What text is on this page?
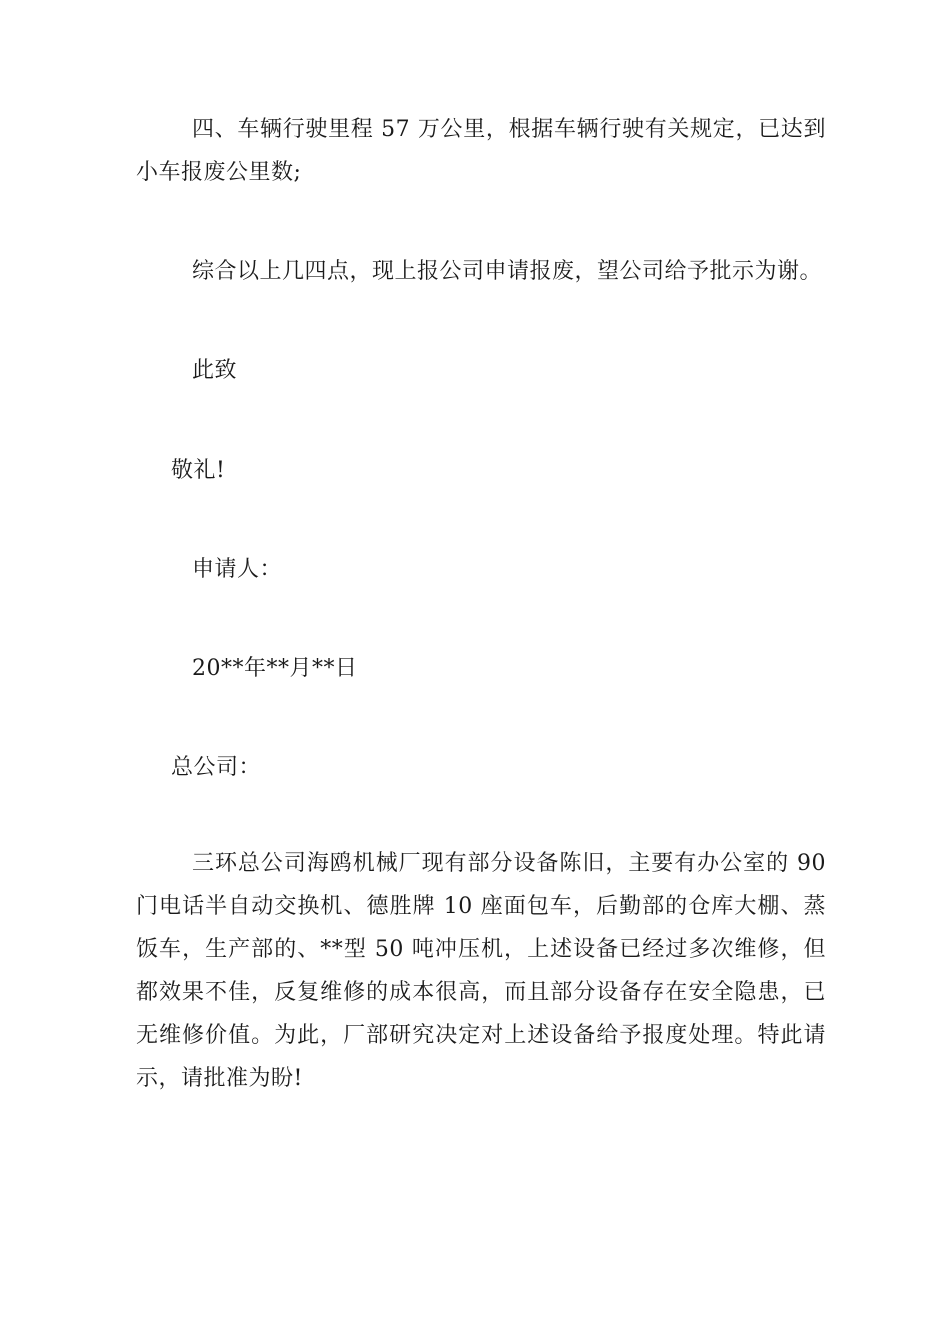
四、车辆行驶里程 57 万公里，根据车辆行驶有关规定，已达到小车报废公里数;
综合以上几四点，现上报公司申请报废，望公司给予批示为谢。
此致
敬礼!
申请人：
20**年**月**日
总公司：
三环总公司海鸥机械厂现有部分设备陈旧，主要有办公室的 90 门电话半自动交换机、德胜牌 10 座面包车，后勤部的仓库大棚、蒸饭车，生产部的、**型 50 吨冲压机，上述设备已经过多次维修，但都效果不佳，反复维修的成本很高，而且部分设备存在安全隐患，已无维修价值。为此，厂部研究决定对上述设备给予报度处理。特此请示，请批准为盼!
